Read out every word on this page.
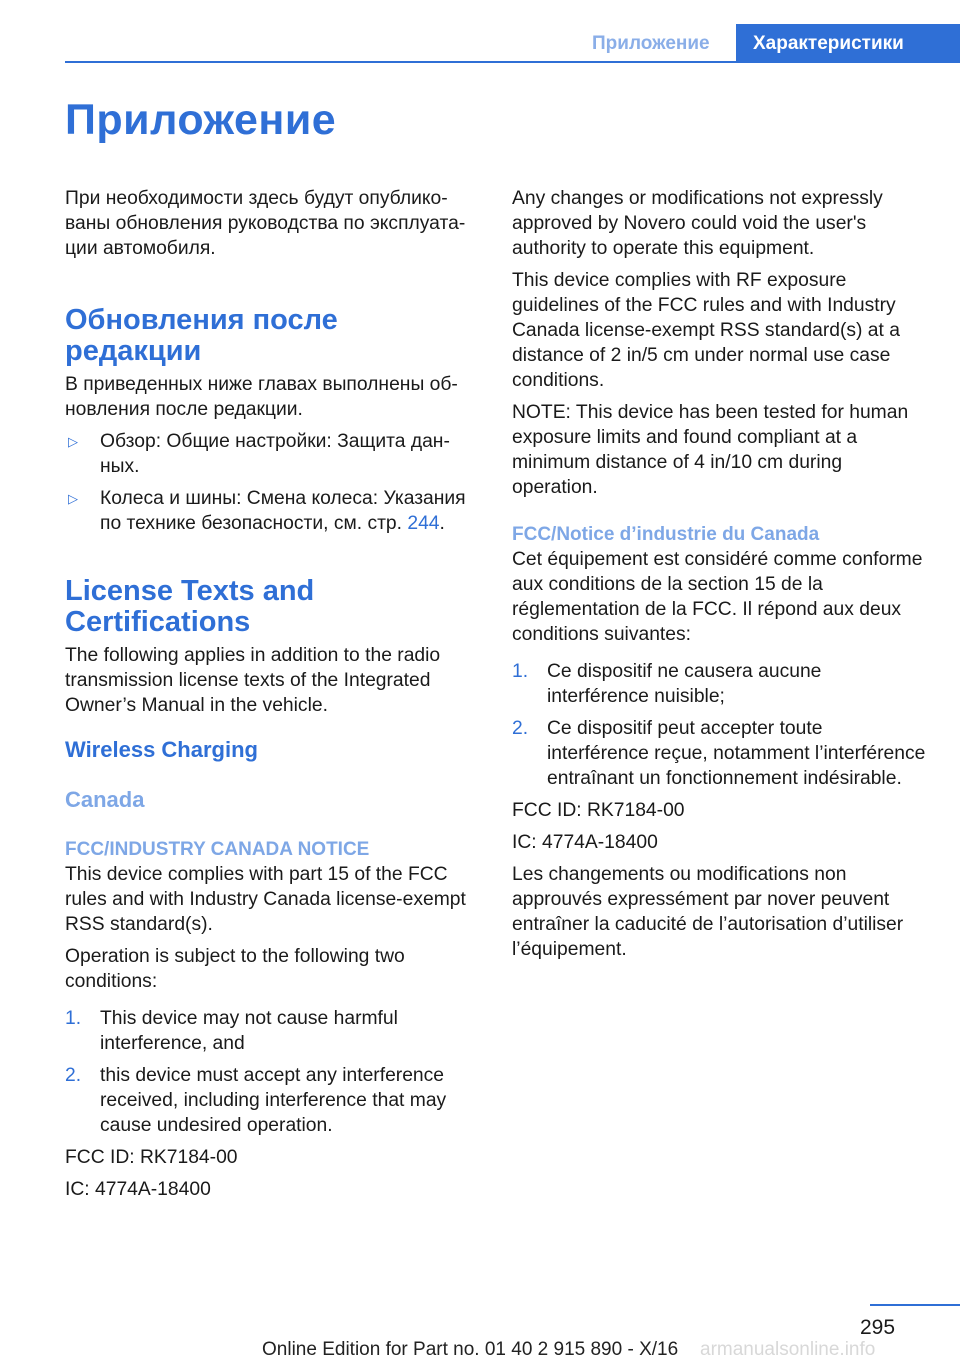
Приложение	Характеристики
Приложение

При необходимости здесь будут опублико‐ваны обновления руководства по эксплуата‐ции автомобиля.

Обновления после редакции

В приведенных ниже главах выполнены об‐новления после редакции.

▷ Обзор: Общие настройки: Защита дан‐ных.
▷ Колеса и шины: Смена колеса: Указания по технике безопасности, см. стр. 244.
License Texts and Certifications

The following applies in addition to the radio transmission license texts of the Integrated Owner’s Manual in the vehicle.

Wireless Charging
Canada
FCC/INDUSTRY CANADA NOTICE

This device complies with part 15 of the FCC rules and with Industry Canada license-exempt RSS standard(s).

Operation is subject to the following two conditions:

1. This device may not cause harmful interference, and
2. this device must accept any interference received, including interference that may cause undesired operation.

FCC ID: RK7184-00

IC: 4774A-18400

Any changes or modifications not expressly approved by Novero could void the user's authority to operate this equipment.

This device complies with RF exposure guidelines of the FCC rules and with Industry Canada license-exempt RSS standard(s) at a distance of 2 in/5 cm under normal use case conditions.

NOTE: This device has been tested for human exposure limits and found compliant at a minimum distance of 4 in/10 cm during operation.

FCC/Notice d’industrie du Canada

Cet équipement est considéré comme conforme aux conditions de la section 15 de la réglementation de la FCC. Il répond aux deux conditions suivantes:

1. Ce dispositif ne causera aucune interférence nuisible;
2. Ce dispositif peut accepter toute interférence reçue, notamment l’interférence entraînant un fonctionnement indésirable.

FCC ID: RK7184-00

IC: 4774A-18400

Les changements ou modifications non approuvés expressément par nover peuvent entraîner la caducité de l’autorisation d’utiliser l’équipement.

295
Online Edition for Part no. 01 40 2 915 890 - X/16 armanualsonline.info
